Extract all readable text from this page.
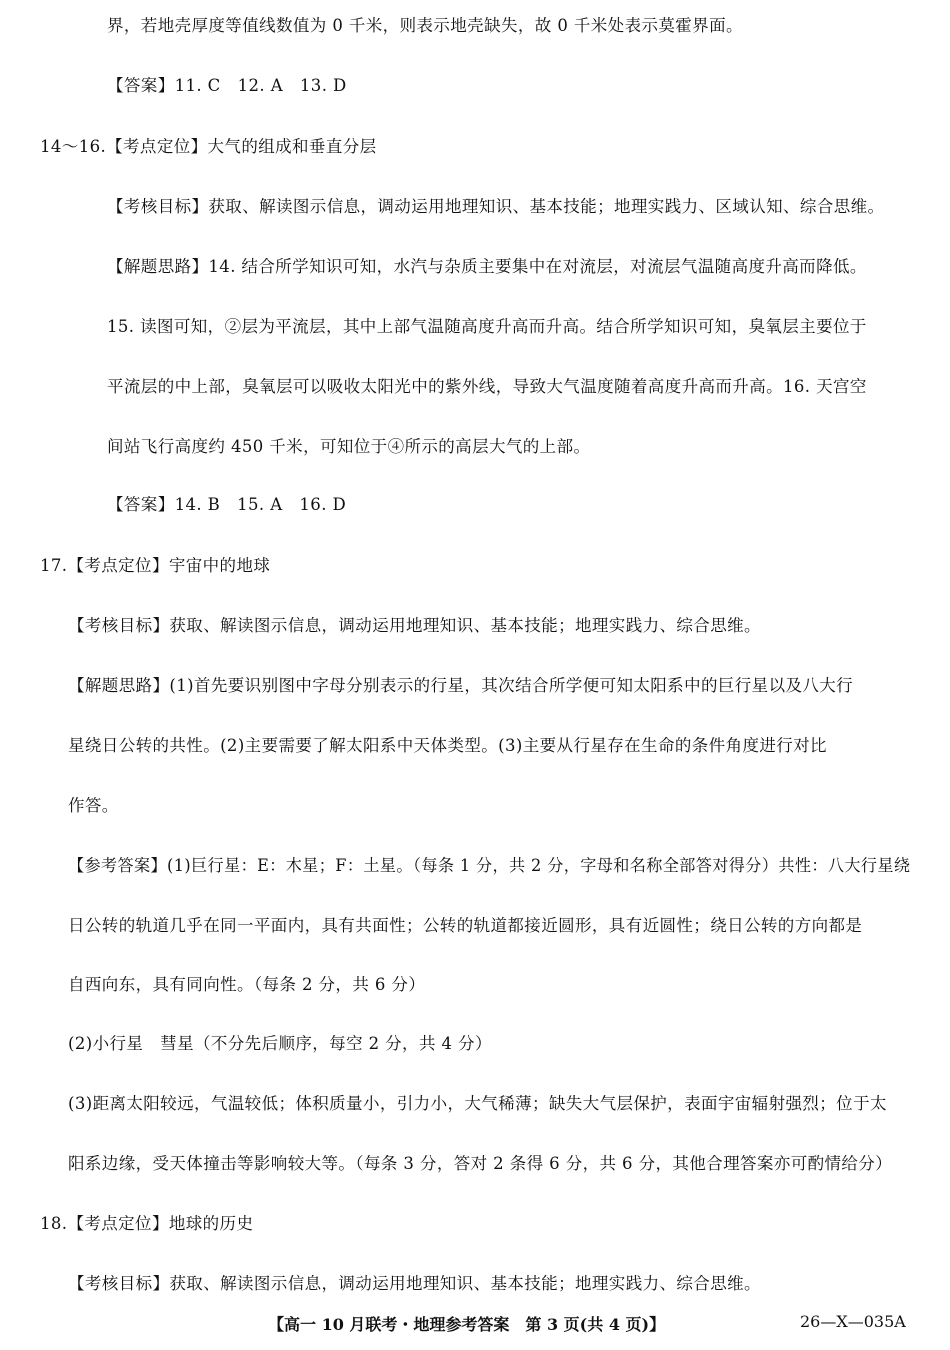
界，若地壳厚度等值线数值为 0 千米，则表示地壳缺失，故 0 千米处表示莫霍界面。
【答案】11. C　12. A　13. D
14～16.【考点定位】大气的组成和垂直分层
【考核目标】获取、解读图示信息，调动运用地理知识、基本技能；地理实践力、区域认知、综合思维。
【解题思路】14. 结合所学知识可知，水汽与杂质主要集中在对流层，对流层气温随高度升高而降低。
15. 读图可知，②层为平流层，其中上部气温随高度升高而升高。结合所学知识可知，臭氧层主要位于
平流层的中上部，臭氧层可以吸收太阳光中的紫外线，导致大气温度随着高度升高而升高。16. 天宫空
间站飞行高度约 450 千米，可知位于④所示的高层大气的上部。
【答案】14. B　15. A　16. D
17.【考点定位】宇宙中的地球
【考核目标】获取、解读图示信息，调动运用地理知识、基本技能；地理实践力、综合思维。
【解题思路】(1)首先要识别图中字母分别表示的行星，其次结合所学便可知太阳系中的巨行星以及八大行
星绕日公转的共性。(2)主要需要了解太阳系中天体类型。(3)主要从行星存在生命的条件角度进行对比
作答。
【参考答案】(1)巨行星：E：木星；F：土星。（每条 1 分，共 2 分，字母和名称全部答对得分）共性：八大行星绕
日公转的轨道几乎在同一平面内，具有共面性；公转的轨道都接近圆形，具有近圆性；绕日公转的方向都是
自西向东，具有同向性。（每条 2 分，共 6 分）
(2)小行星　彗星（不分先后顺序，每空 2 分，共 4 分）
(3)距离太阳较远，气温较低；体积质量小，引力小，大气稀薄；缺失大气层保护，表面宇宙辐射强烈；位于太
阳系边缘，受天体撞击等影响较大等。（每条 3 分，答对 2 条得 6 分，共 6 分，其他合理答案亦可酌情给分）
18.【考点定位】地球的历史
【考核目标】获取、解读图示信息，调动运用地理知识、基本技能；地理实践力、综合思维。
【高一 10 月联考・地理参考答案　第 3 页(共 4 页)】	26—X—035A
